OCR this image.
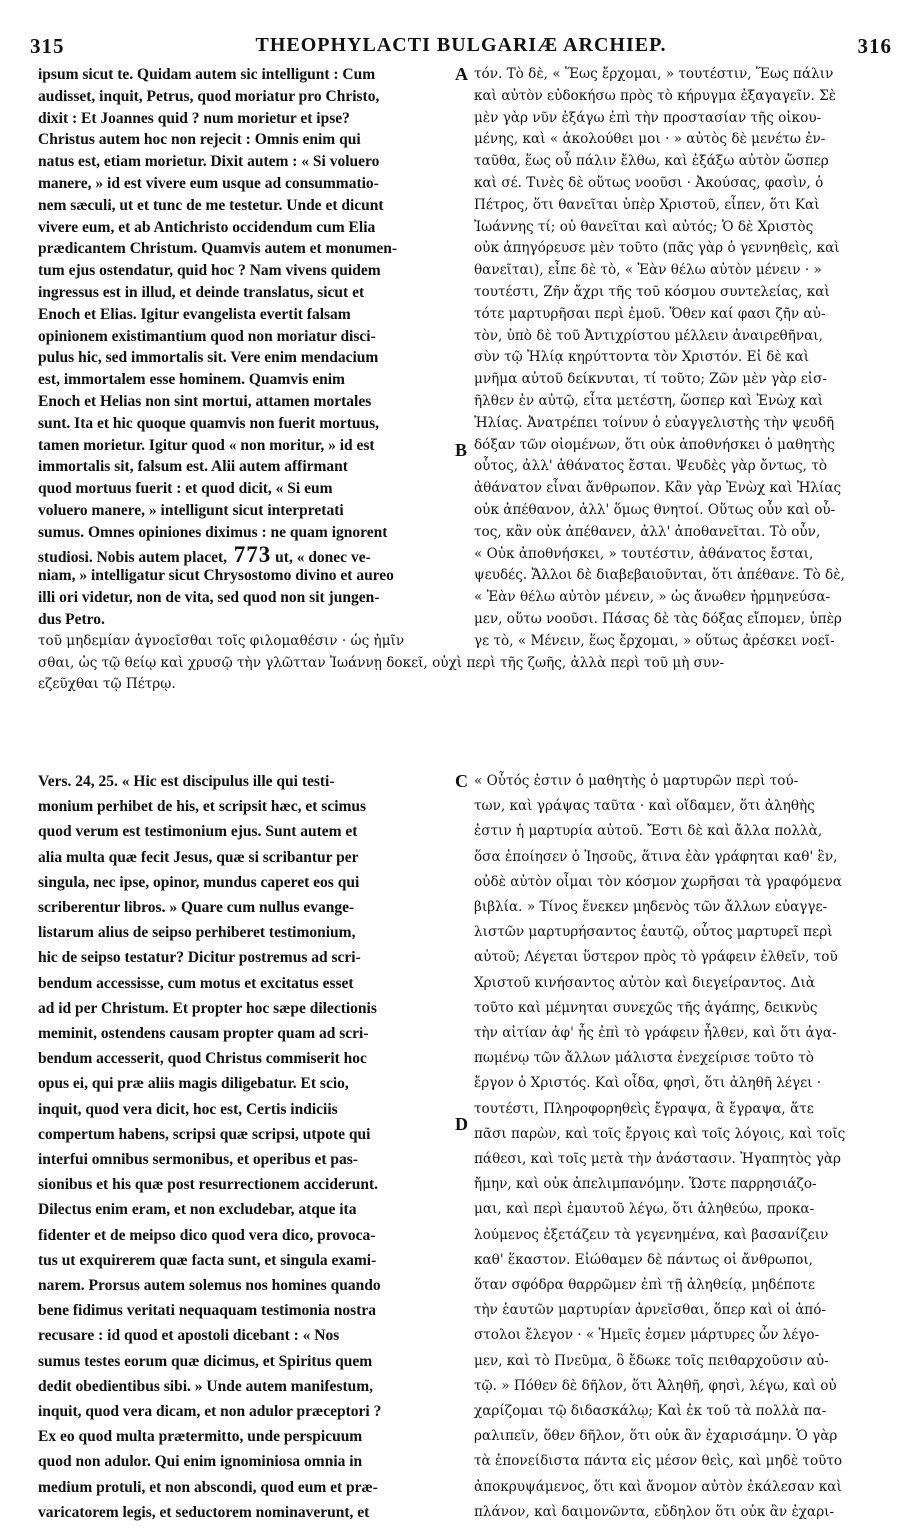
315	THEOPHYLACTI BULGARIÆ ARCHIEP.	316
ipsum sicut te. Quidam autem sic intelligunt : Cum
audisset, inquit, Petrus, quod moriatur pro Christo,
dixit : Et Joannes quid ? num morietur et ipse?
Christus autem hoc non rejecit : Omnis enim qui
natus est, etiam morietur. Dixit autem : « Si voluero
manere, » id est vivere eum usque ad consummatio-
nem sæculi, ut et tunc de me testetur. Unde et dicunt
vivere eum, et ab Antichristo occidendum cum Elia
prædicantem Christum. Quamvis autem et monumen-
tum ejus ostendatur, quid hoc ? Nam vivens quidem
ingressus est in illud, et deinde translatus, sicut et
Enoch et Elias. Igitur evangelista evertit falsam
opinionem existimantium quod non moriatur disci-
pulus hic, sed immortalis sit. Vere enim mendacium
est, immortalem esse hominem. Quamvis enim
Enoch et Helias non sint mortui, attamen mortales
sunt. Ita et hic quoque quamvis non fuerit mortuus,
tamen morietur. Igitur quod « non moritur, » id est
immortalis sit, falsum est. Alii autem affirmant
quod mortuus fuerit : et quod dicit, « Si eum
voluero manere, » intelligunt sicut interpretati
sumus. Omnes opiniones diximus : ne quam ignorent
studiosi. Nobis autem placet, 773 ut, « donec ve-
niam, » intelligatur sicut Chrysostomo divino et aureo
illi ori videtur, non de vita, sed quod non sit jungen-
dus Petro.
τόν. Τὸ δὲ, « Ἕως ἔρχομαι, » τουτέστιν, Ἕως πάλιν
καὶ αὐτὸν εὐδοκήσω πρὸς τὸ κήρυγμα ἐξαγαγεῖν. Σὲ
μὲν γὰρ νῦν ἐξάγω ἐπὶ τὴν προστασίαν τῆς οἰκου-
μένης, καὶ « ἀκολούθει μοι · » αὐτὸς δὲ μενέτω ἐν-
ταῦθα, ἕως οὗ πάλιν ἔλθω, καὶ ἐξάξω αὐτὸν ὥσπερ
καὶ σέ. Τινὲς δὲ οὕτως νοοῦσι · Ἀκούσας, φασὶν, ὁ
Πέτρος, ὅτι θανεῖται ὑπὲρ Χριστοῦ, εἶπεν, ὅτι Καὶ
Ἰωάννης τί; οὐ θανεῖται καὶ αὐτός; Ὁ δὲ Χριστὸς
οὐκ ἀπηγόρευσε μὲν τοῦτο (πᾶς γὰρ ὁ γεννηθεὶς, καὶ
θανεῖται), εἶπε δὲ τὸ, « Ἐὰν θέλω αὐτὸν μένειν · »
τουτέστι, Ζῆν ἄχρι τῆς τοῦ κόσμου συντελείας, καὶ
τότε μαρτυρῆσαι περὶ ἐμοῦ. Ὅθεν καί φασι ζῆν αὐ-
τὸν, ὑπὸ δὲ τοῦ Ἀντιχρίστου μέλλειν ἀναιρεθῆναι,
σὺν τῷ Ἠλίᾳ κηρύττοντα τὸν Χριστόν. Εἰ δὲ καὶ
μνῆμα αὐτοῦ δείκνυται, τί τοῦτο; Ζῶν μὲν γὰρ εἰσ-
ῆλθεν ἐν αὐτῷ, εἶτα μετέστη, ὥσπερ καὶ Ἐνὼχ καὶ
Ἠλίας. Ἀνατρέπει τοίνυν ὁ εὐαγγελιστὴς τὴν ψευδῆ
δόξαν τῶν οἰομένων, ὅτι οὐκ ἀποθνήσκει ὁ μαθητὴς
οὗτος, ἀλλ' ἀθάνατος ἔσται. Ψευδὲς γὰρ ὄντως, τὸ
ἀθάνατον εἶναι ἄνθρωπον. Κἂν γὰρ Ἐνὼχ καὶ Ἠλίας
οὐκ ἀπέθανον, ἀλλ' ὅμως θνητοί. Οὕτως οὖν καὶ οὗ-
τος, κἂν οὐκ ἀπέθανεν, ἀλλ' ἀποθανεῖται. Τὸ οὖν,
« Οὐκ ἀποθνήσκει, » τουτέστιν, ἀθάνατος ἔσται,
ψευδές. Ἄλλοι δὲ διαβεβαιοῦνται, ὅτι ἀπέθανε. Τὸ δὲ,
« Ἐὰν θέλω αὐτὸν μένειν, » ὡς ἄνωθεν ἡρμηνεύσα-
μεν, οὕτω νοοῦσι. Πάσας δὲ τὰς δόξας εἴπομεν, ὑπὲρ
γε τὸ, « Μένειν, ἕως ἔρχομαι, » οὕτως ἀρέσκει νοεῖ-
τοῦ μηδεμίαν ἀγνοεῖσθαι τοῖς φιλομαθέσιν · ὡς ἡμῖν
σθαι, ὡς τῷ θείῳ καὶ χρυσῷ τὴν γλῶτταν Ἰωάννῃ δοκεῖ, οὐχὶ περὶ τῆς ζωῆς, ἀλλὰ περὶ τοῦ μὴ συν-
εζεῦχθαι τῷ Πέτρῳ.
Vers. 24, 25. « Hic est discipulus ille qui testi-
monium perhibet de his, et scripsit hæc, et scimus
quod verum est testimonium ejus. Sunt autem et
alia multa quæ fecit Jesus, quæ si scribantur per
singula, nec ipse, opinor, mundus caperet eos qui
scriberentur libros. » Quare cum nullus evange-
listarum alius de seipso perhiberet testimonium,
hic de seipso testatur? Dicitur postremus ad scri-
bendum accessisse, cum motus et excitatus esset
ad id per Christum. Et propter hoc sæpe dilectionis
meminit, ostendens causam propter quam ad scri-
bendum accesserit, quod Christus commiserit hoc
opus ei, qui præ aliis magis diligebatur. Et scio,
inquit, quod vera dicit, hoc est, Certis indiciis
compertum habens, scripsi quæ scripsi, utpote qui
interfui omnibus sermonibus, et operibus et pas-
sionibus et his quæ post resurrectionem acciderunt.
Dilectus enim eram, et non excludebar, atque ita
fidenter et de meipso dico quod vera dico, provoca-
tus ut exquirerem quæ facta sunt, et singula exami-
narem. Prorsus autem solemus nos homines quando
bene fidimus veritati nequaquam testimonia nostra
recusare : id quod et apostoli dicebant : « Nos
sumus testes eorum quæ dicimus, et Spiritus quem
dedit obedientibus sibi. » Unde autem manifestum,
inquit, quod vera dicam, et non adulor præceptori ?
Ex eo quod multa prætermitto, unde perspicuum
quod non adulor. Qui enim ignominiosa omnia in
medium protuli, et non abscondi, quod eum et præ-
varicatorem legis, et seductorem nominaverunt, et
« Οὗτός ἐστιν ὁ μαθητὴς ὁ μαρτυρῶν περὶ τού-
των, καὶ γράψας ταῦτα · καὶ οἴδαμεν, ὅτι ἀληθὴς
ἐστιν ἡ μαρτυρία αὐτοῦ. Ἔστι δὲ καὶ ἄλλα πολλὰ,
ὅσα ἐποίησεν ὁ Ἰησοῦς, ἅτινα ἐὰν γράφηται καθ' ἓν,
οὐδὲ αὐτὸν οἶμαι τὸν κόσμον χωρῆσαι τὰ γραφόμενα
βιβλία. » Τίνος ἕνεκεν μηδενὸς τῶν ἄλλων εὐαγγε-
λιστῶν μαρτυρήσαντος ἑαυτῷ, οὗτος μαρτυρεῖ περὶ
αὐτοῦ; Λέγεται ὕστερον πρὸς τὸ γράφειν ἐλθεῖν, τοῦ
Χριστοῦ κινήσαντος αὐτὸν καὶ διεγείραντος. Διὰ
τοῦτο καὶ μέμνηται συνεχῶς τῆς ἀγάπης, δεικνὺς
τὴν αἰτίαν ἀφ' ἧς ἐπὶ τὸ γράφειν ἦλθεν, καὶ ὅτι ἀγα-
πωμένῳ τῶν ἄλλων μάλιστα ἐνεχείρισε τοῦτο τὸ
ἔργον ὁ Χριστός. Καὶ οἶδα, φησὶ, ὅτι ἀληθῆ λέγει ·
τουτέστι, Πληροφορηθεὶς ἔγραψα, ἃ ἔγραψα, ἅτε
πᾶσι παρὼν, καὶ τοῖς ἔργοις καὶ τοῖς λόγοις, καὶ τοῖς
πάθεσι, καὶ τοῖς μετὰ τὴν ἀνάστασιν. Ἠγαπητὸς γὰρ
ἤμην, καὶ οὐκ ἀπελιμπανόμην. Ὥστε παρρησιάζο-
μαι, καὶ περὶ ἐμαυτοῦ λέγω, ὅτι ἀληθεύω, προκα-
λούμενος ἐξετάζειν τὰ γεγενημένα, καὶ βασανίζειν
καθ' ἕκαστον. Εἰώθαμεν δὲ πάντως οἱ ἄνθρωποι,
ὅταν σφόδρα θαρρῶμεν ἐπὶ τῇ ἀληθείᾳ, μηδέποτε
τὴν ἑαυτῶν μαρτυρίαν ἀρνεῖσθαι, ὅπερ καὶ οἱ ἀπό-
στολοι ἔλεγον · « Ἡμεῖς ἐσμεν μάρτυρες ὧν λέγο-
μεν, καὶ τὸ Πνεῦμα, ὃ ἔδωκε τοῖς πειθαρχοῦσιν αὐ-
τῷ. » Πόθεν δὲ δῆλον, ὅτι Ἀληθῆ, φησὶ, λέγω, καὶ οὐ
χαρίζομαι τῷ διδασκάλῳ; Καὶ ἐκ τοῦ τὰ πολλὰ πα-
ραλιπεῖν, ὅθεν δῆλον, ὅτι οὐκ ἂν ἐχαρισάμην. Ὁ γὰρ
τὰ ἐπονείδιστα πάντα εἰς μέσον θεὶς, καὶ μηδὲ τοῦτο
ἀποκρυψάμενος, ὅτι καὶ ἄνομον αὐτὸν ἐκάλεσαν καὶ
πλάνον, καὶ δαιμονῶντα, εὔδηλον ὅτι οὐκ ἂν ἐχαρι-
A
B
C
D
